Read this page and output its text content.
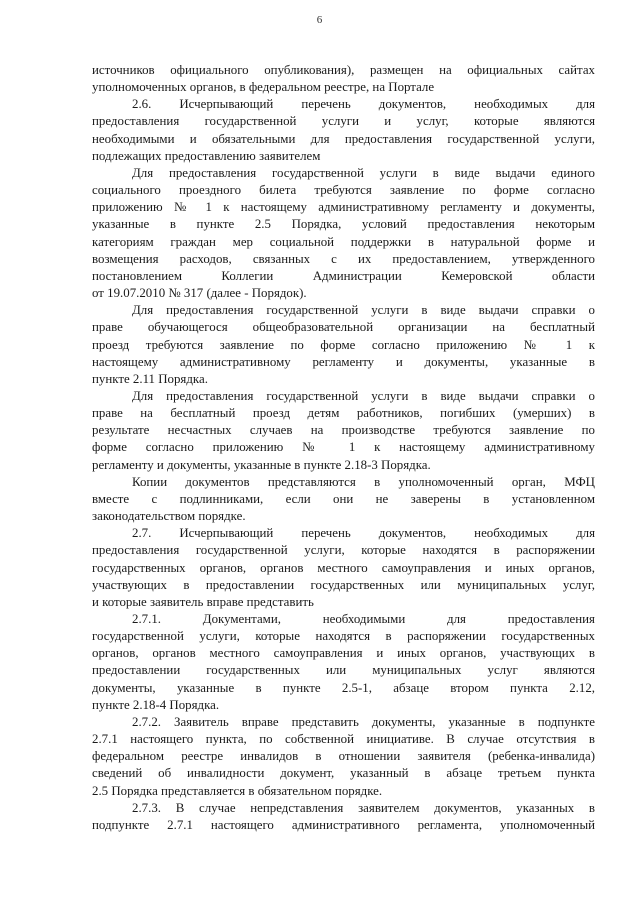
6

источников официального опубликования), размещен на официальных сайтах

уполномоченных органов, в федеральном реестре, на Портале

2.6. Исчерпывающий перечень документов, необходимых для

предоставления государственной услуги и услуг, которые являются

необходимыми и обязательными для предоставления государственной услуги,

подлежащих предоставлению заявителем

Для предоставления государственной услуги в виде выдачи единого

социального проездного билета требуются заявление по форме согласно

приложению № 1 к настоящему административному регламенту и документы,

указанные в пункте 2.5 Порядка, условий предоставления некоторым

категориям граждан мер социальной поддержки в натуральной форме и

возмещения расходов, связанных с их предоставлением, утвержденного

постановлением Коллегии Администрации Кемеровской области

от 19.07.2010 № 317 (далее - Порядок).

Для предоставления государственной услуги в виде выдачи справки о

праве обучающегося общеобразовательной организации на бесплатный

проезд требуются заявление по форме согласно приложению № 1 к

настоящему административному регламенту и документы, указанные в

пункте 2.11 Порядка.

Для предоставления государственной услуги в виде выдачи справки о

праве на бесплатный проезд детям работников, погибших (умерших) в

результате несчастных случаев на производстве требуются заявление по

форме согласно приложению № 1 к настоящему административному

регламенту и документы, указанные в пункте 2.18-3 Порядка.

Копии документов представляются в уполномоченный орган, МФЦ

вместе с подлинниками, если они не заверены в установленном

законодательством порядке.

2.7. Исчерпывающий перечень документов, необходимых для

предоставления государственной услуги, которые находятся в распоряжении

государственных органов, органов местного самоуправления и иных органов,

участвующих в предоставлении государственных или муниципальных услуг,

и которые заявитель вправе представить

2.7.1. Документами, необходимыми для предоставления

государственной услуги, которые находятся в распоряжении государственных

органов, органов местного самоуправления и иных органов, участвующих в

предоставлении государственных или муниципальных услуг являются

документы, указанные в пункте 2.5-1, абзаце втором пункта 2.12,

пункте 2.18-4 Порядка.

2.7.2. Заявитель вправе представить документы, указанные в подпункте

2.7.1 настоящего пункта, по собственной инициативе. В случае отсутствия в

федеральном реестре инвалидов в отношении заявителя (ребенка-инвалида)

сведений об инвалидности документ, указанный в абзаце третьем пункта

2.5 Порядка представляется в обязательном порядке.

2.7.3. В случае непредставления заявителем документов, указанных в

подпункте 2.7.1 настоящего административного регламента, уполномоченный
